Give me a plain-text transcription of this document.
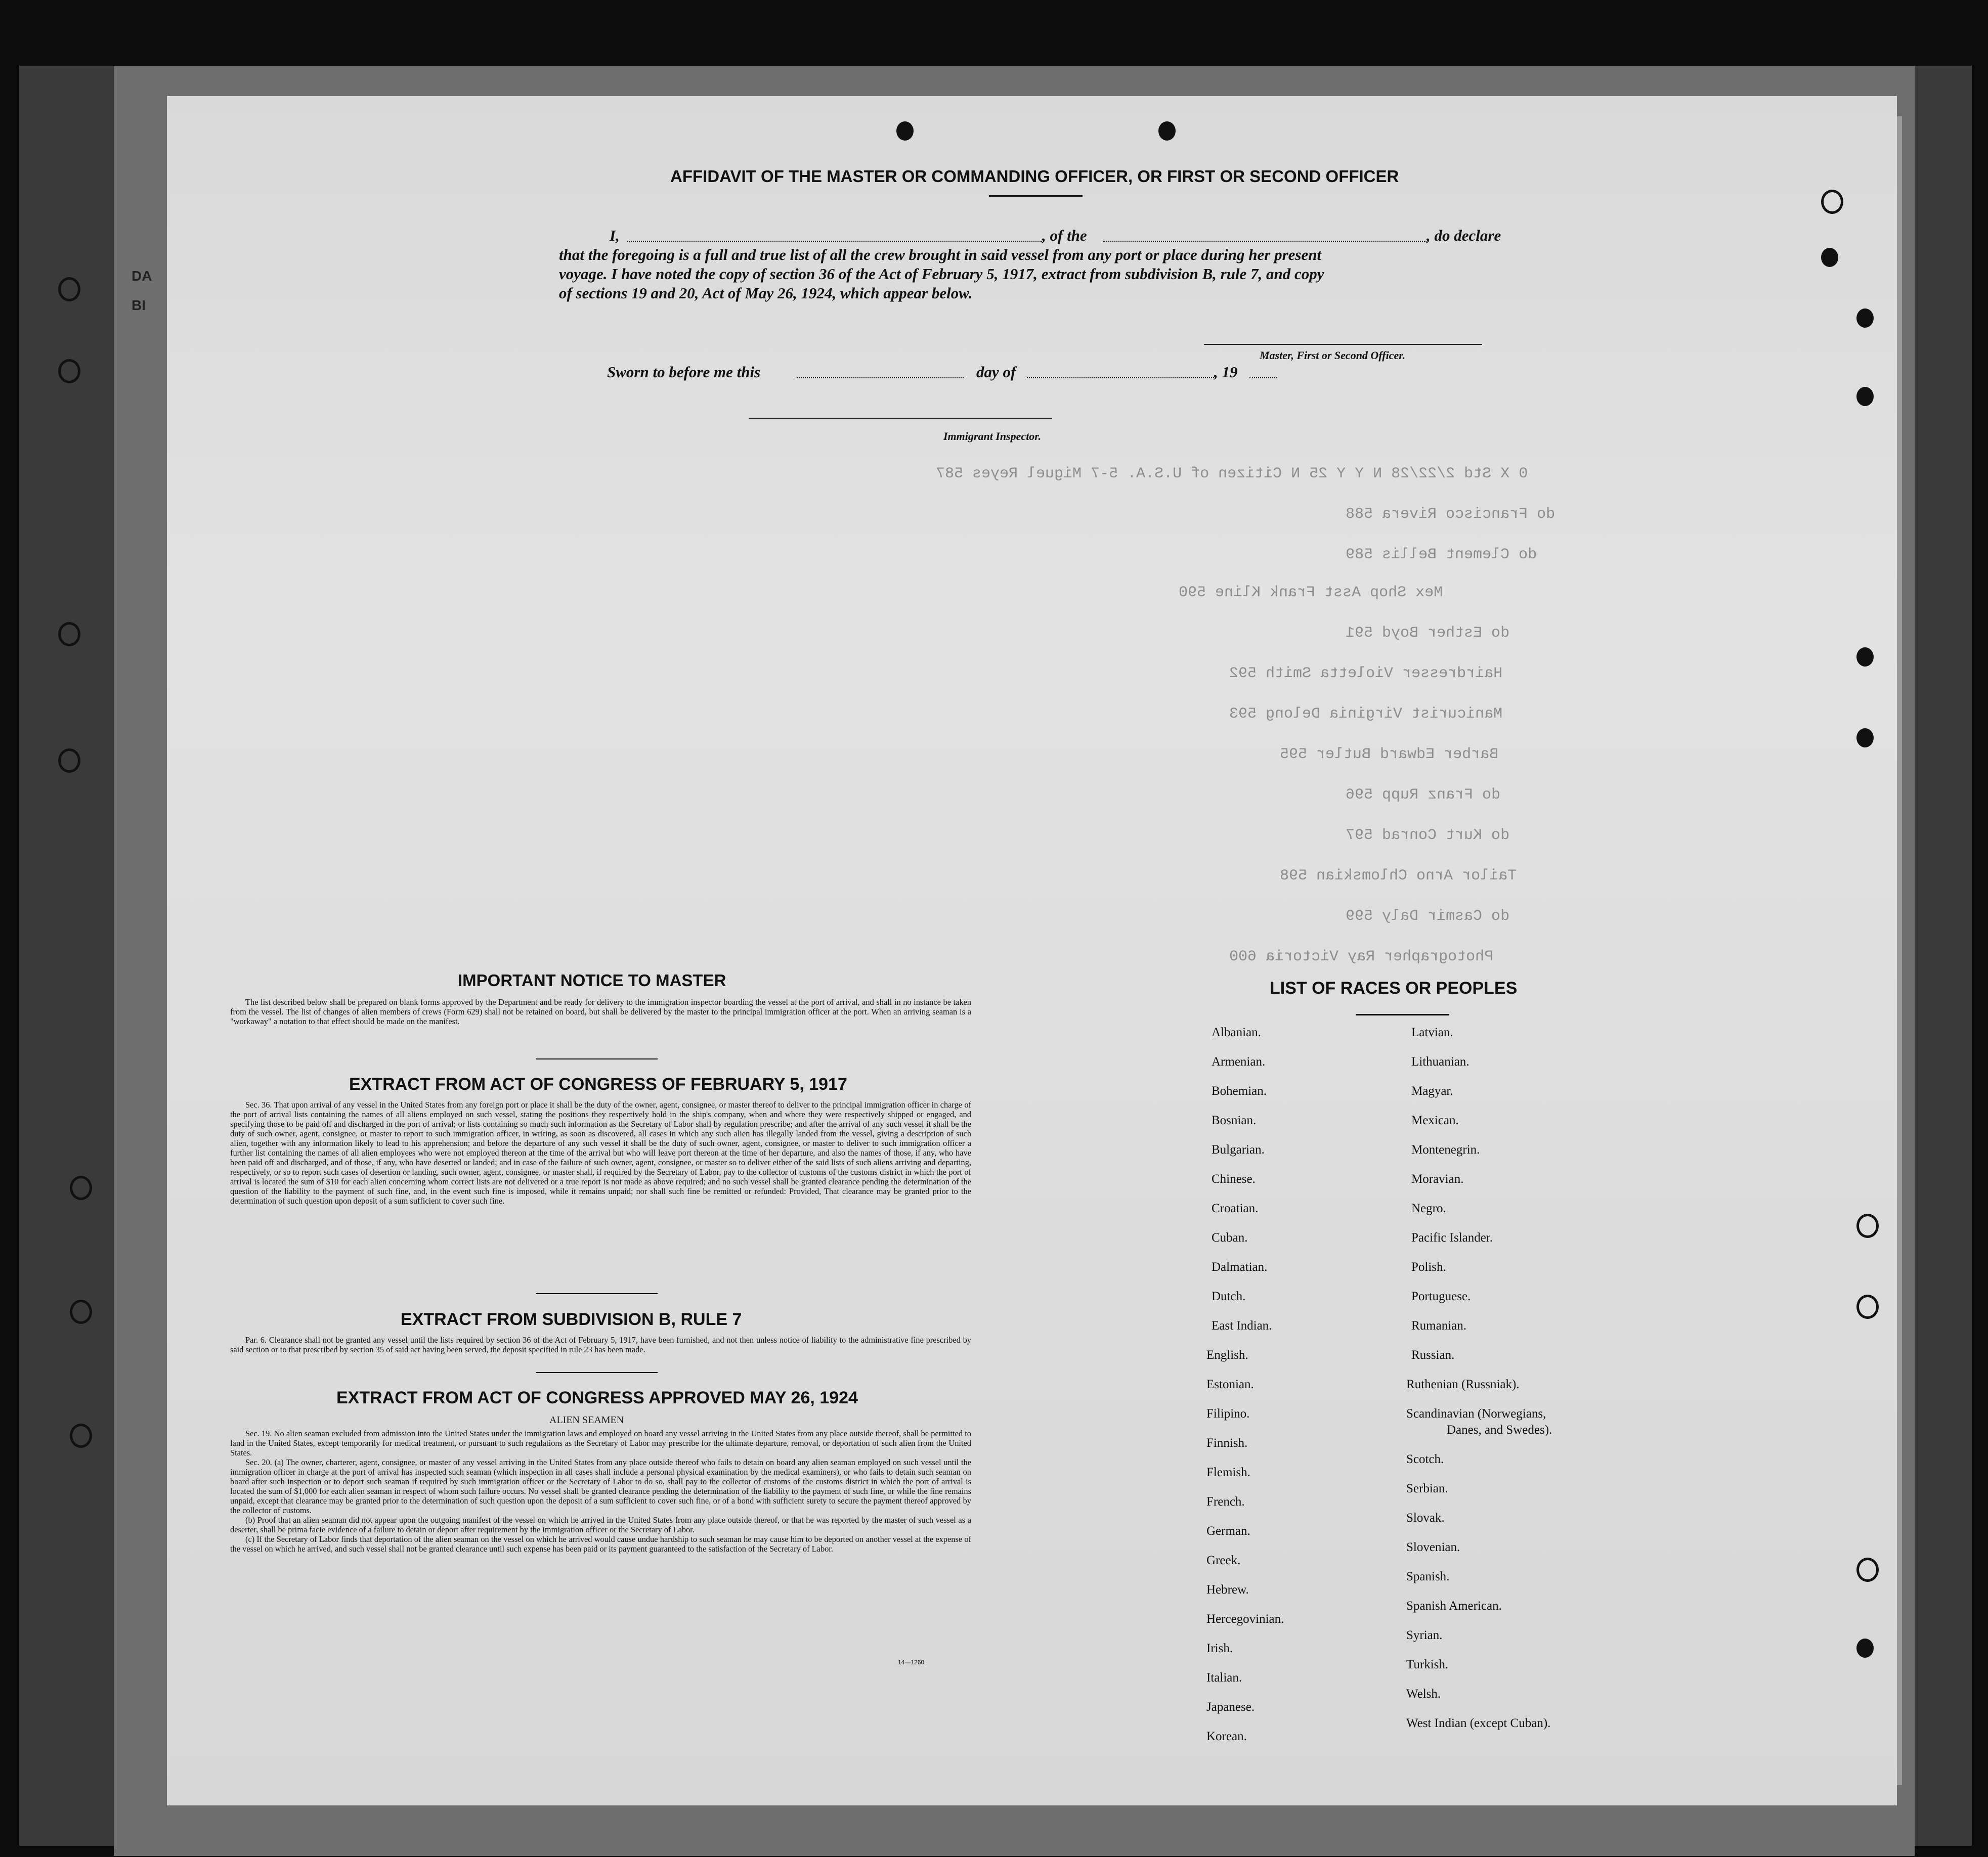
DA
BI
0 X Std 2/22/28 N Y Y 25 N Citizen of U.S.A. 5-7 Miguel Reyes 587
do Francisco Rivera 588
do Clement Bellis 589
Mex Shop Asst Frank Kline 590
do Esther Boyd 591
Hairdresser Violetta Smith 592
Manicurist Virginia Delong 593
Barber Edward Butler 595
do Franz Rupp 596
do Kurt Conrad 597
Tailor Arno Chlomskian 598
do Casmir Daly 599
Photographer Ray Victoria 600
AFFIDAVIT OF THE MASTER OR COMMANDING OFFICER, OR FIRST OR SECOND OFFICER
I,	, of the	, do declare
that the foregoing is a full and true list of all the crew brought in said vessel from any port or place during her present
voyage. I have noted the copy of section 36 of the Act of February 5, 1917, extract from subdivision B, rule 7, and copy
of sections 19 and 20, Act of May 26, 1924, which appear below.
Master, First or Second Officer.
Sworn to before me this	day of	, 19
Immigrant Inspector.
IMPORTANT NOTICE TO MASTER

The list described below shall be prepared on blank forms approved by the Department and be ready for delivery to the immigration inspector boarding the vessel at the port of arrival, and shall in no instance be taken from the vessel. The list of changes of alien members of crews (Form 629) shall not be retained on board, but shall be delivered by the master to the principal immigration officer at the port. When an arriving seaman is a "workaway" a notation to that effect should be made on the manifest.

EXTRACT FROM ACT OF CONGRESS OF FEBRUARY 5, 1917

Sec. 36. That upon arrival of any vessel in the United States from any foreign port or place it shall be the duty of the owner, agent, consignee, or master thereof to deliver to the principal immigration officer in charge of the port of arrival lists containing the names of all aliens employed on such vessel, stating the positions they respectively hold in the ship's company, when and where they were respectively shipped or engaged, and specifying those to be paid off and discharged in the port of arrival; or lists containing so much such information as the Secretary of Labor shall by regulation prescribe; and after the arrival of any such vessel it shall be the duty of such owner, agent, consignee, or master to report to such immigration officer, in writing, as soon as discovered, all cases in which any such alien has illegally landed from the vessel, giving a description of such alien, together with any information likely to lead to his apprehension; and before the departure of any such vessel it shall be the duty of such owner, agent, consignee, or master to deliver to such immigration officer a further list containing the names of all alien employees who were not employed thereon at the time of the arrival but who will leave port thereon at the time of her departure, and also the names of those, if any, who have been paid off and discharged, and of those, if any, who have deserted or landed; and in case of the failure of such owner, agent, consignee, or master so to deliver either of the said lists of such aliens arriving and departing, respectively, or so to report such cases of desertion or landing, such owner, agent, consignee, or master shall, if required by the Secretary of Labor, pay to the collector of customs of the customs district in which the port of arrival is located the sum of $10 for each alien concerning whom correct lists are not delivered or a true report is not made as above required; and no such vessel shall be granted clearance pending the determination of the question of the liability to the payment of such fine, and, in the event such fine is imposed, while it remains unpaid; nor shall such fine be remitted or refunded: Provided, That clearance may be granted prior to the determination of such question upon deposit of a sum sufficient to cover such fine.

EXTRACT FROM SUBDIVISION B, RULE 7

Par. 6. Clearance shall not be granted any vessel until the lists required by section 36 of the Act of February 5, 1917, have been furnished, and not then unless notice of liability to the administrative fine prescribed by said section or to that prescribed by section 35 of said act having been served, the deposit specified in rule 23 has been made.

EXTRACT FROM ACT OF CONGRESS APPROVED MAY 26, 1924
ALIEN SEAMEN

Sec. 19. No alien seaman excluded from admission into the United States under the immigration laws and employed on board any vessel arriving in the United States from any place outside thereof, shall be permitted to land in the United States, except temporarily for medical treatment, or pursuant to such regulations as the Secretary of Labor may prescribe for the ultimate departure, removal, or deportation of such alien from the United States.

Sec. 20. (a) The owner, charterer, agent, consignee, or master of any vessel arriving in the United States from any place outside thereof who fails to detain on board any alien seaman employed on such vessel until the immigration officer in charge at the port of arrival has inspected such seaman (which inspection in all cases shall include a personal physical examination by the medical examiners), or who fails to detain such seaman on board after such inspection or to deport such seaman if required by such immigration officer or the Secretary of Labor to do so, shall pay to the collector of customs of the customs district in which the port of arrival is located the sum of $1,000 for each alien seaman in respect of whom such failure occurs. No vessel shall be granted clearance pending the determination of the liability to the payment of such fine, or while the fine remains unpaid, except that clearance may be granted prior to the determination of such question upon the deposit of a sum sufficient to cover such fine, or of a bond with sufficient surety to secure the payment thereof approved by the collector of customs.

(b) Proof that an alien seaman did not appear upon the outgoing manifest of the vessel on which he arrived in the United States from any place outside thereof, or that he was reported by the master of such vessel as a deserter, shall be prima facie evidence of a failure to detain or deport after requirement by the immigration officer or the Secretary of Labor.

(c) If the Secretary of Labor finds that deportation of the alien seaman on the vessel on which he arrived would cause undue hardship to such seaman he may cause him to be deported on another vessel at the expense of the vessel on which he arrived, and such vessel shall not be granted clearance until such expense has been paid or its payment guaranteed to the satisfaction of the Secretary of Labor.

14—1260
LIST OF RACES OR PEOPLES
Albanian.
Armenian.
Bohemian.
Bosnian.
Bulgarian.
Chinese.
Croatian.
Cuban.
Dalmatian.
Dutch.
East Indian.
English.
Estonian.
Filipino.
Finnish.
Flemish.
French.
German.
Greek.
Hebrew.
Hercegovinian.
Irish.
Italian.
Japanese.
Korean.
Latvian.
Lithuanian.
Magyar.
Mexican.
Montenegrin.
Moravian.
Negro.
Pacific Islander.
Polish.
Portuguese.
Rumanian.
Russian.
Ruthenian (Russniak).
Scandinavian (Norwegians,
Danes, and Swedes).
Scotch.
Serbian.
Slovak.
Slovenian.
Spanish.
Spanish American.
Syrian.
Turkish.
Welsh.
West Indian (except Cuban).
